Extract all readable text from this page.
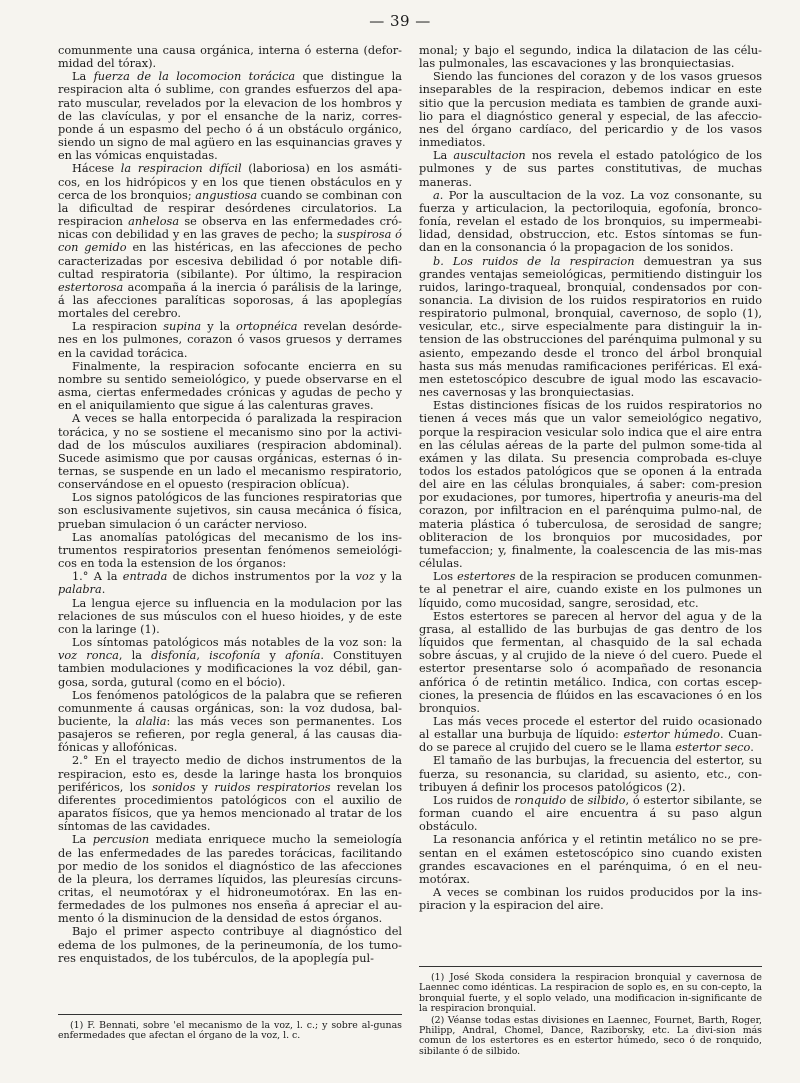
— 39 —

comunmente una causa orgánica, interna ó esterna (defor-midad del tórax).

La fuerza de la locomocion torácica que distingue la respiracion alta ó sublime, con grandes esfuerzos del apa-rato muscular, revelados por la elevacion de los hombros y de las clavículas, y por el ensanche de la nariz, corres-ponde á un espasmo del pecho ó á un obstáculo orgánico, siendo un signo de mal agüero en las esquinancias graves y en las vómicas enquistadas.

Hácese la respiracion difícil (laboriosa) en los asmáti-cos, en los hidrópicos y en los que tienen obstáculos en y cerca de los bronquios; angustiosa cuando se combinan con la dificultad de respirar desórdenes circulatorios. La respiracion anhelosa se observa en las enfermedades cró-nicas con debilidad y en las graves de pecho; la suspirosa ó con gemido en las histéricas, en las afecciones de pecho caracterizadas por escesiva debilidad ó por notable difi-cultad respiratoria (sibilante). Por último, la respiracion estertorosa acompaña á la inercia ó parálisis de la laringe, á las afecciones paralíticas soporosas, á las apoplegías mortales del cerebro.

La respiracion supina y la ortopnéica revelan desórde-nes en los pulmones, corazon ó vasos gruesos y derrames en la cavidad torácica.

Finalmente, la respiracion sofocante encierra en su nombre su sentido semeiológico, y puede observarse en el asma, ciertas enfermedades crónicas y agudas de pecho y en el aniquilamiento que sigue á las calenturas graves.

A veces se halla entorpecida ó paralizada la respiracion torácica, y no se sostiene el mecanismo sino por la activi-dad de los músculos auxiliares (respiracion abdominal). Sucede asimismo que por causas orgánicas, esternas ó in-ternas, se suspende en un lado el mecanismo respiratorio, conservándose en el opuesto (respiracion oblícua).

Los signos patológicos de las funciones respiratorias que son esclusivamente sujetivos, sin causa mecánica ó física, prueban simulacion ó un carácter nervioso.

Las anomalías patológicas del mecanismo de los ins-trumentos respiratorios presentan fenómenos semeiológi-cos en toda la estension de los órganos:

1.° A la entrada de dichos instrumentos por la voz y la palabra.

La lengua ejerce su influencia en la modulacion por las relaciones de sus músculos con el hueso hioides, y de este con la laringe (1).

Los síntomas patológicos más notables de la voz son: la voz ronca, la disfonía, iscofonía y afonía. Constituyen tambien modulaciones y modificaciones la voz débil, gan-gosa, sorda, gutural (como en el bócio).

Los fenómenos patológicos de la palabra que se refieren comunmente á causas orgánicas, son: la voz dudosa, bal-buciente, la alalia: las más veces son permanentes. Los pasajeros se refieren, por regla general, á las causas dia-fónicas y allofónicas.

2.° En el trayecto medio de dichos instrumentos de la respiracion, esto es, desde la laringe hasta los bronquios periféricos, los sonidos y ruidos respiratorios revelan los diferentes procedimientos patológicos con el auxilio de aparatos físicos, que ya hemos mencionado al tratar de los síntomas de las cavidades.

La percusion mediata enriquece mucho la semeiología de las enfermedades de las paredes torácicas, facilitando por medio de los sonidos el diagnóstico de las afecciones de la pleura, los derrames líquidos, las pleuresías circuns-critas, el neumotórax y el hidroneumotórax. En las en-fermedades de los pulmones nos enseña á apreciar el au-mento ó la disminucion de la densidad de estos órganos.

Bajo el primer aspecto contribuye al diagnóstico del edema de los pulmones, de la perineumonía, de los tumo-res enquistados, de los tubérculos, de la apoplegía pul-

(1) F. Bennati, sobre 'el mecanismo de la voz, l. c.; y sobre al-gunas enfermedades que afectan el órgano de la voz, l. c.

monal; y bajo el segundo, indica la dilatacion de las célu-las pulmonales, las escavaciones y las bronquiectasias.

Siendo las funciones del corazon y de los vasos gruesos inseparables de la respiracion, debemos indicar en este sitio que la percusion mediata es tambien de grande auxi-lio para el diagnóstico general y especial, de las afeccio-nes del órgano cardíaco, del pericardio y de los vasos inmediatos.

La auscultacion nos revela el estado patológico de los pulmones y de sus partes constitutivas, de muchas maneras.

a. Por la auscultacion de la voz. La voz consonante, su fuerza y articulacion, la pectoriloquia, egofonía, bronco-fonía, revelan el estado de los bronquios, su impermeabi-lidad, densidad, obstruccion, etc. Estos síntomas se fun-dan en la consonancia ó la propagacion de los sonidos.

b. Los ruidos de la respiracion demuestran ya sus grandes ventajas semeiológicas, permitiendo distinguir los ruidos, laringo-traqueal, bronquial, condensados por con-sonancia. La division de los ruidos respiratorios en ruido respiratorio pulmonal, bronquial, cavernoso, de soplo (1), vesicular, etc., sirve especialmente para distinguir la in-tension de las obstrucciones del parénquima pulmonal y su asiento, empezando desde el tronco del árbol bronquial hasta sus más menudas ramificaciones periféricas. El exá-men estetoscópico descubre de igual modo las escavacio-nes cavernosas y las bronquiectasias.

Estas distinciones físicas de los ruidos respiratorios no tienen á veces más que un valor semeiológico negativo, porque la respiracion vesicular solo indica que el aire entra en las células aéreas de la parte del pulmon some-tida al exámen y las dilata. Su presencia comprobada es-cluye todos los estados patológicos que se oponen á la entrada del aire en las células bronquiales, á saber: com-presion por exudaciones, por tumores, hipertrofia y aneuris-ma del corazon, por infiltracion en el parénquima pulmo-nal, de materia plástica ó tuberculosa, de serosidad de sangre; obliteracion de los bronquios por mucosidades, por tumefaccion; y, finalmente, la coalescencia de las mis-mas células.

Los estertores de la respiracion se producen comunmen-te al penetrar el aire, cuando existe en los pulmones un líquido, como mucosidad, sangre, serosidad, etc.

Estos estertores se parecen al hervor del agua y de la grasa, al estallido de las burbujas de gas dentro de los líquidos que fermentan, al chasquido de la sal echada sobre áscuas, y al crujido de la nieve ó del cuero. Puede el estertor presentarse solo ó acompañado de resonancia anfórica ó de retintin metálico. Indica, con cortas escep-ciones, la presencia de flúidos en las escavaciones ó en los bronquios.

Las más veces procede el estertor del ruido ocasionado al estallar una burbuja de líquido: estertor húmedo. Cuan-do se parece al crujido del cuero se le llama estertor seco.

El tamaño de las burbujas, la frecuencia del estertor, su fuerza, su resonancia, su claridad, su asiento, etc., con-tribuyen á definir los procesos patológicos (2).

Los ruidos de ronquido de silbido, ó estertor sibilante, se forman cuando el aire encuentra á su paso algun obstáculo.

La resonancia anfórica y el retintin metálico no se pre-sentan en el exámen estetoscópico sino cuando existen grandes escavaciones en el parénquima, ó en el neu-motórax.

A veces se combinan los ruidos producidos por la ins-piracion y la espiracion del aire.

(1) José Skoda considera la respiracion bronquial y cavernosa de Laennec como idénticas. La respiracion de soplo es, en su con-cepto, la bronquial fuerte, y el soplo velado, una modificacion in-significante de la respiracion bronquial.

(2) Véanse todas estas divisiones en Laennec, Fournet, Barth, Roger, Philipp, Andral, Chomel, Dance, Raziborsky, etc. La divi-sion más comun de los estertores es en estertor húmedo, seco ó de ronquido, sibilante ó de silbido.
